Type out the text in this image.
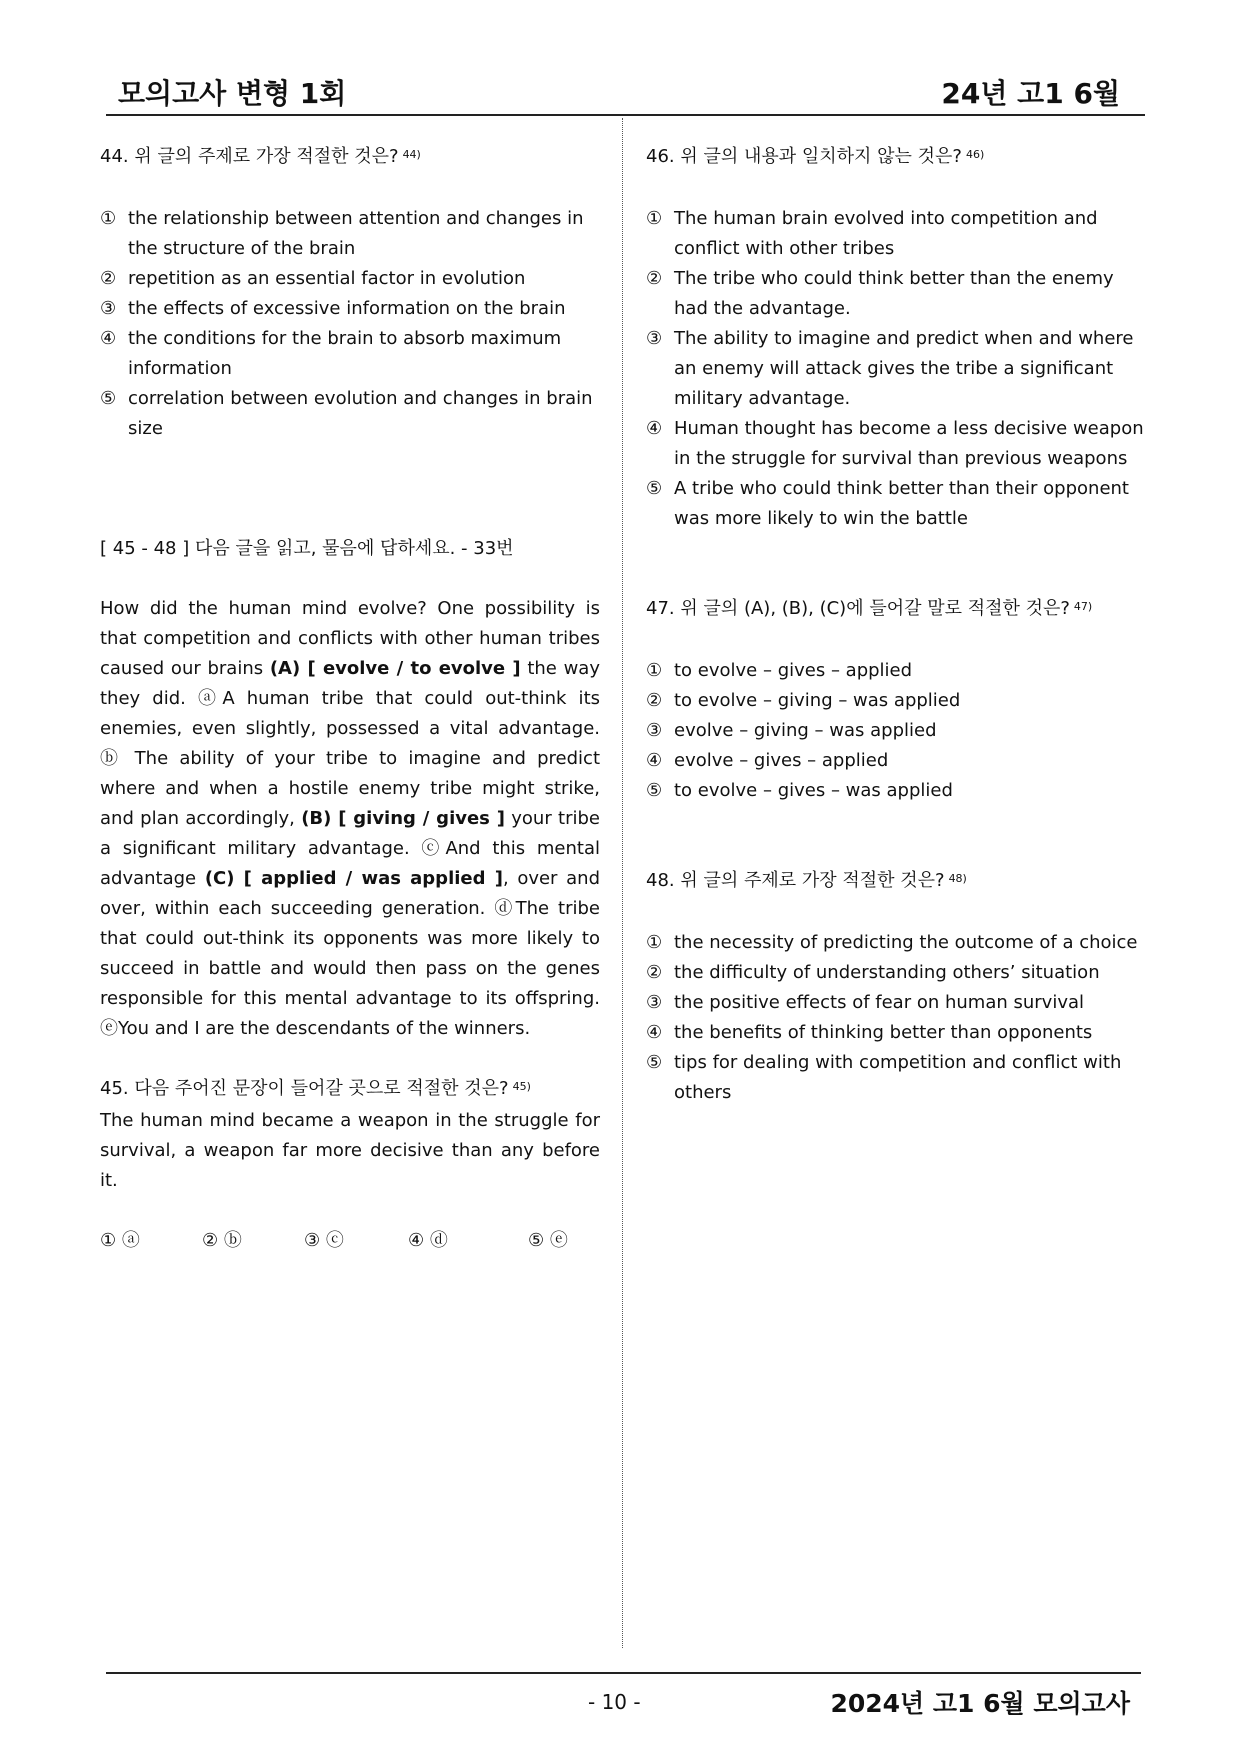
모의고사 변형 1회	24년 고1 6월
44. 위 글의 주제로 가장 적절한 것은? $^{44)}$
① the relationship between attention and changes in the structure of the brain
② repetition as an essential factor in evolution
③ the effects of excessive information on the brain
④ the conditions for the brain to absorb maximum information
⑤ correlation between evolution and changes in brain size
[ 45 - 48 ] 다음 글을 읽고, 물음에 답하세요. - 33번
How did the human mind evolve? One possibility is that competition and conflicts with other human tribes caused our brains (A) [ evolve / to evolve ] the way they did. ⓐA human tribe that could out-think its enemies, even slightly, possessed a vital advantage. ⓑ The ability of your tribe to imagine and predict where and when a hostile enemy tribe might strike, and plan accordingly, (B) [ giving / gives ] your tribe a significant military advantage. ⓒAnd this mental advantage (C) [ applied / was applied ], over and over, within each succeeding generation. ⓓThe tribe that could out-think its opponents was more likely to succeed in battle and would then pass on the genes responsible for this mental advantage to its offspring. ⓔYou and I are the descendants of the winners.
45. 다음 주어진 문장이 들어갈 곳으로 적절한 것은? $^{45)}$
The human mind became a weapon in the struggle for survival, a weapon far more decisive than any before it.
① ⓐ	② ⓑ	③ ⓒ	④ ⓓ	⑤ ⓔ
46. 위 글의 내용과 일치하지 않는 것은? $^{46)}$
① The human brain evolved into competition and conflict with other tribes
② The tribe who could think better than the enemy had the advantage.
③ The ability to imagine and predict when and where an enemy will attack gives the tribe a significant military advantage.
④ Human thought has become a less decisive weapon in the struggle for survival than previous weapons
⑤ A tribe who could think better than their opponent was more likely to win the battle
47. 위 글의 (A), (B), (C)에 들어갈 말로 적절한 것은? $^{47)}$
① to evolve – gives – applied
② to evolve – giving – was applied
③ evolve – giving – was applied
④ evolve – gives – applied
⑤ to evolve – gives – was applied
48. 위 글의 주제로 가장 적절한 것은? $^{48)}$
① the necessity of predicting the outcome of a choice
② the difficulty of understanding others’ situation
③ the positive effects of fear on human survival
④ the benefits of thinking better than opponents
⑤ tips for dealing with competition and conflict with others
- 10 -	2024년 고1 6월 모의고사
